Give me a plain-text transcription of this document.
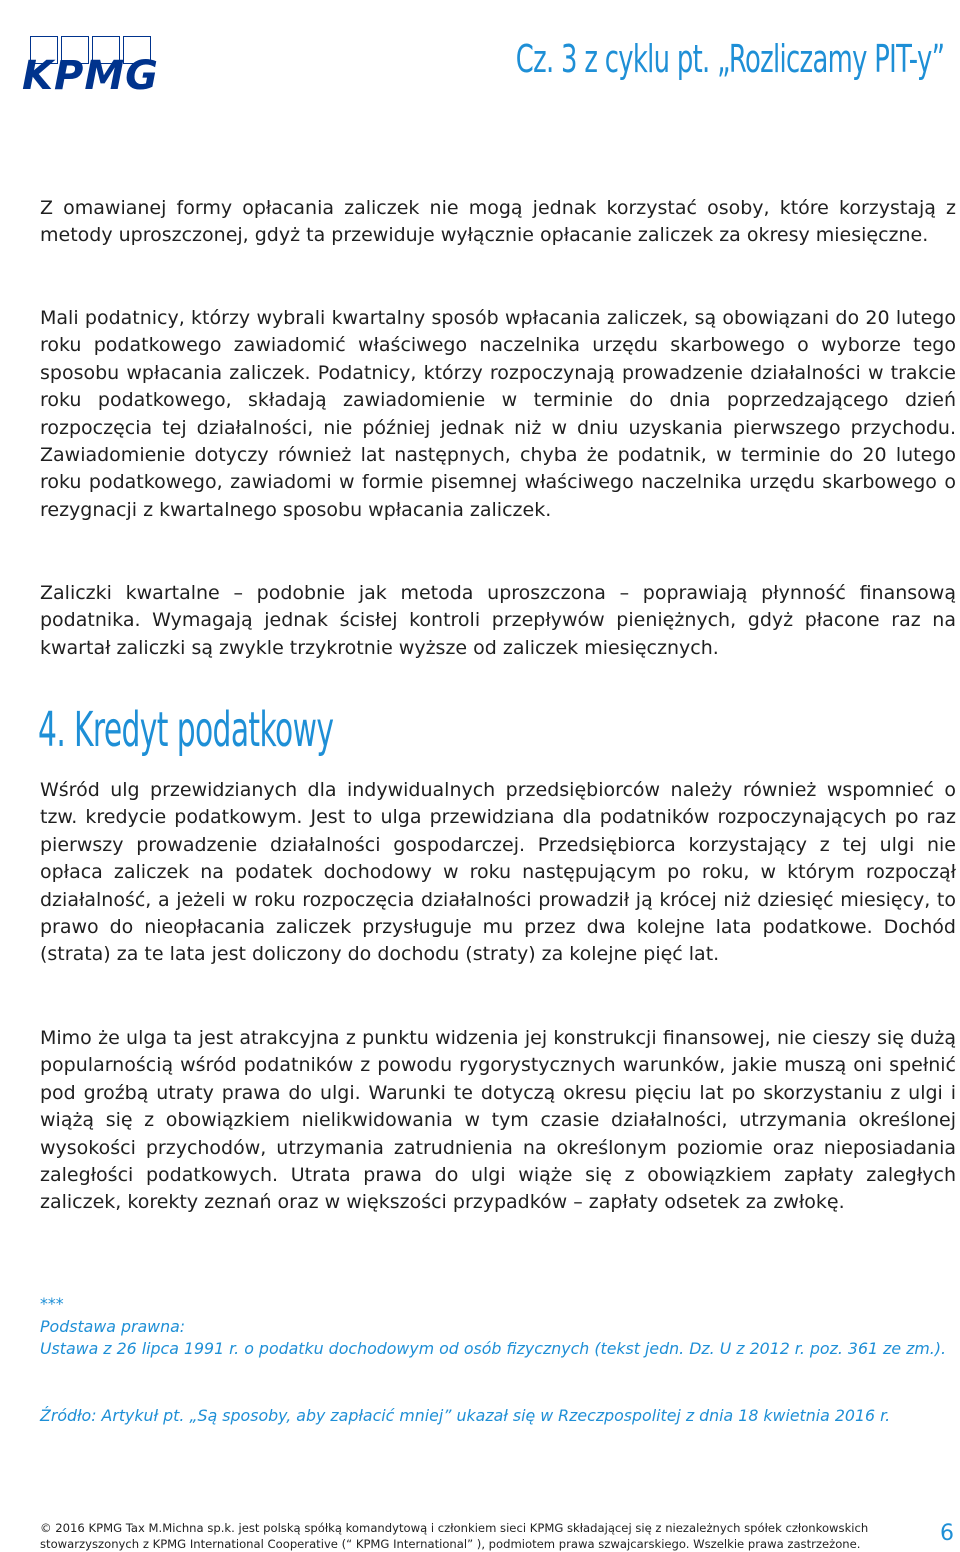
KPMG	Cz. 3 z cyklu pt. „Rozliczamy PIT-y”

Z omawianej formy opłacania zaliczek nie mogą jednak korzystać osoby, które korzystają z metody uproszczonej, gdyż ta przewiduje wyłącznie opłacanie zaliczek za okresy miesięczne.

Mali podatnicy, którzy wybrali kwartalny sposób wpłacania zaliczek, są obowiązani do 20 lutego roku podatkowego zawiadomić właściwego naczelnika urzędu skarbowego o wyborze tego sposobu wpłacania zaliczek. Podatnicy, którzy rozpoczynają prowadzenie działalności w trakcie roku podatkowego, składają zawiadomienie w terminie do dnia poprzedzającego dzień rozpoczęcia tej działalności, nie później jednak niż w dniu uzyskania pierwszego przychodu. Zawiadomienie dotyczy również lat następnych, chyba że podatnik, w terminie do 20 lutego roku podatkowego, zawiadomi w formie pisemnej właściwego naczelnika urzędu skarbowego o rezygnacji z kwartalnego sposobu wpłacania zaliczek.

Zaliczki kwartalne – podobnie jak metoda uproszczona – poprawiają płynność finansową podatnika. Wymagają jednak ścisłej kontroli przepływów pieniężnych, gdyż płacone raz na kwartał zaliczki są zwykle trzykrotnie wyższe od zaliczek miesięcznych.

4. Kredyt podatkowy

Wśród ulg przewidzianych dla indywidualnych przedsiębiorców należy również wspomnieć o tzw. kredycie podatkowym. Jest to ulga przewidziana dla podatników rozpoczynających po raz pierwszy prowadzenie działalności gospodarczej. Przedsiębiorca korzystający z tej ulgi nie opłaca zaliczek na podatek dochodowy w roku następującym po roku, w którym rozpoczął działalność, a jeżeli w roku rozpoczęcia działalności prowadził ją krócej niż dziesięć miesięcy, to prawo do nieopłacania zaliczek przysługuje mu przez dwa kolejne lata podatkowe. Dochód (strata) za te lata jest doliczony do dochodu (straty) za kolejne pięć lat.

Mimo że ulga ta jest atrakcyjna z punktu widzenia jej konstrukcji finansowej, nie cieszy się dużą popularnością wśród podatników z powodu rygorystycznych warunków, jakie muszą oni spełnić pod groźbą utraty prawa do ulgi. Warunki te dotyczą okresu pięciu lat po skorzystaniu z ulgi i wiążą się z obowiązkiem nielikwidowania w tym czasie działalności, utrzymania określonej wysokości przychodów, utrzymania zatrudnienia na określonym poziomie oraz nieposiadania zaległości podatkowych. Utrata prawa do ulgi wiąże się z obowiązkiem zapłaty zaległych zaliczek, korekty zeznań oraz w większości przypadków – zapłaty odsetek za zwłokę.

***

Podstawa prawna:

Ustawa z 26 lipca 1991 r. o podatku dochodowym od osób fizycznych (tekst jedn. Dz. U z 2012 r. poz. 361 ze zm.).

Źródło: Artykuł pt. „Są sposoby, aby zapłacić mniej” ukazał się w Rzeczpospolitej z dnia 18 kwietnia 2016 r.

© 2016 KPMG Tax M.Michna sp.k. jest polską spółką komandytową i członkiem sieci KPMG składającej się z niezależnych spółek członkowskich

stowarzyszonych z KPMG International Cooperative (“ KPMG International” ), podmiotem prawa szwajcarskiego. Wszelkie prawa zastrzeżone.	6
